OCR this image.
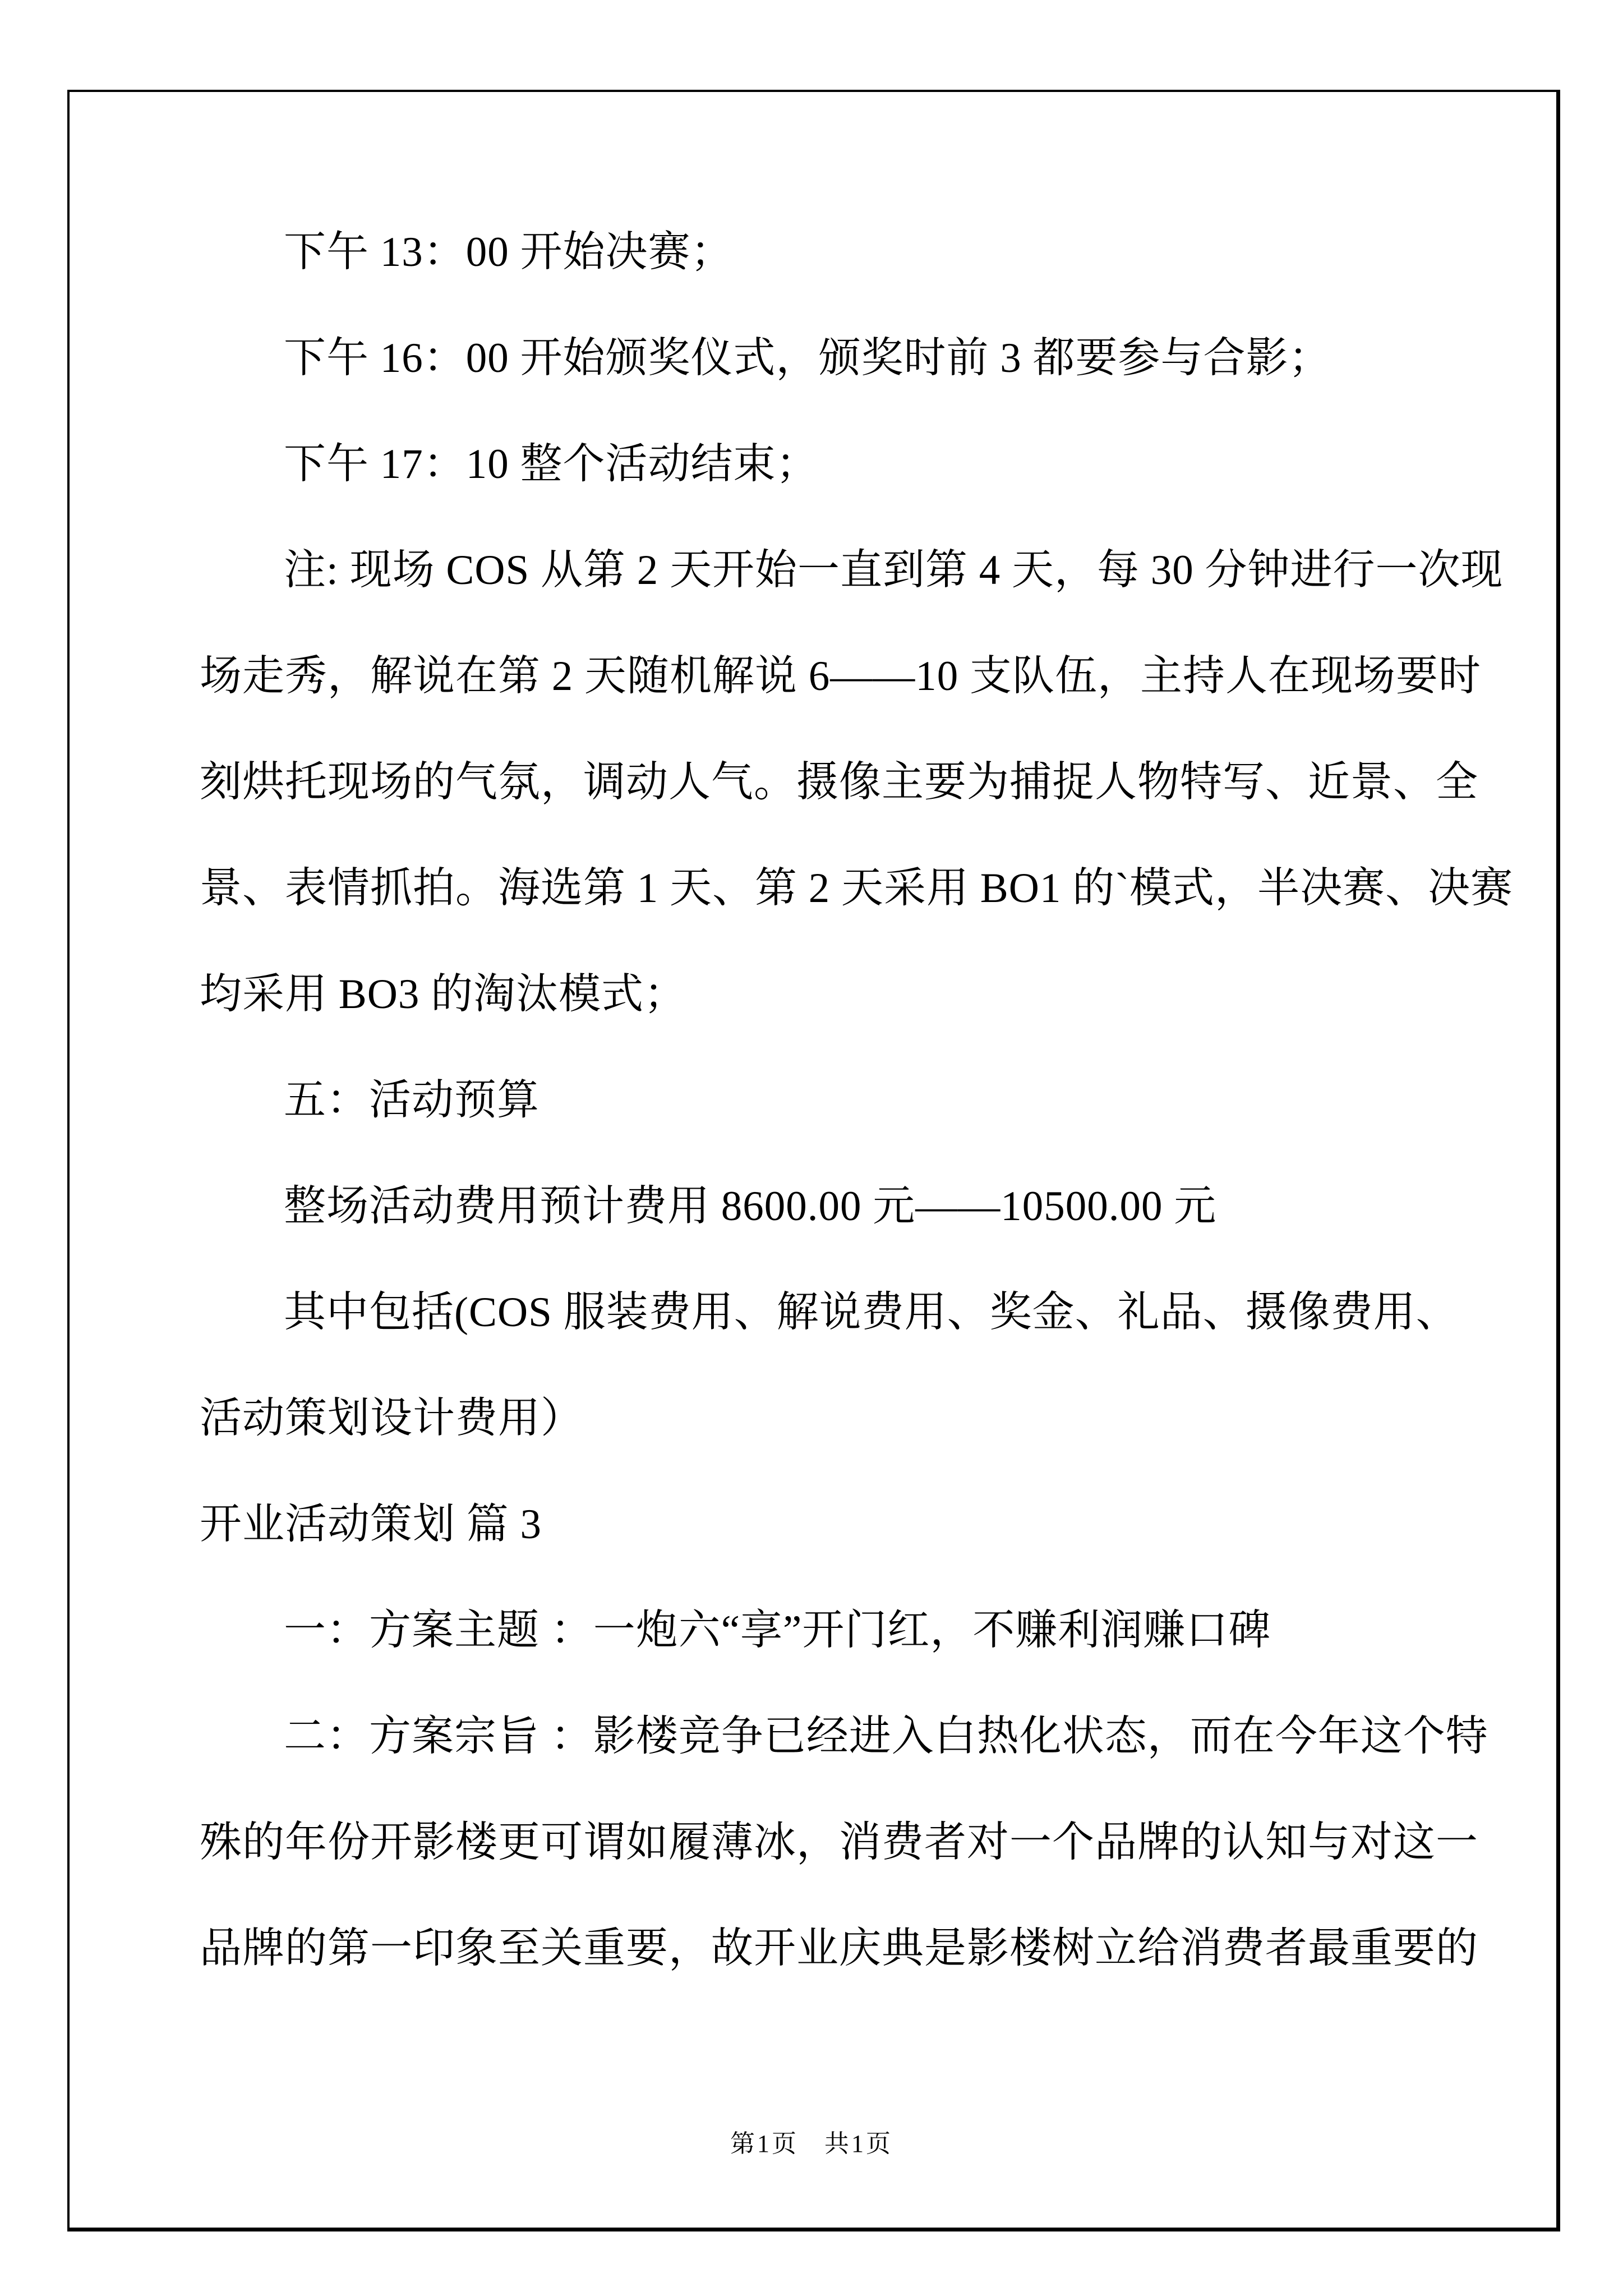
下午 13：00 开始决赛；
下午 16：00 开始颁奖仪式，颁奖时前 3 都要参与合影；
下午 17：10 整个活动结束；
注: 现场 COS 从第 2 天开始一直到第 4 天，每 30 分钟进行一次现
场走秀，解说在第 2 天随机解说 6——10 支队伍，主持人在现场要时
刻烘托现场的气氛，调动人气。摄像主要为捕捉人物特写、近景、全
景、表情抓拍。海选第 1 天、第 2 天采用 BO1 的`模式，半决赛、决赛
均采用 BO3 的淘汰模式；
五：活动预算
整场活动费用预计费用 8600.00 元——10500.00 元
其中包括(COS 服装费用、解说费用、奖金、礼品、摄像费用、
活动策划设计费用）
开业活动策划 篇 3
一：方案主题 ：一炮六“享”开门红，不赚利润赚口碑
二：方案宗旨 ：影楼竞争已经进入白热化状态，而在今年这个特
殊的年份开影楼更可谓如履薄冰，消费者对一个品牌的认知与对这一
品牌的第一印象至关重要，故开业庆典是影楼树立给消费者最重要的
第1页 共1页
